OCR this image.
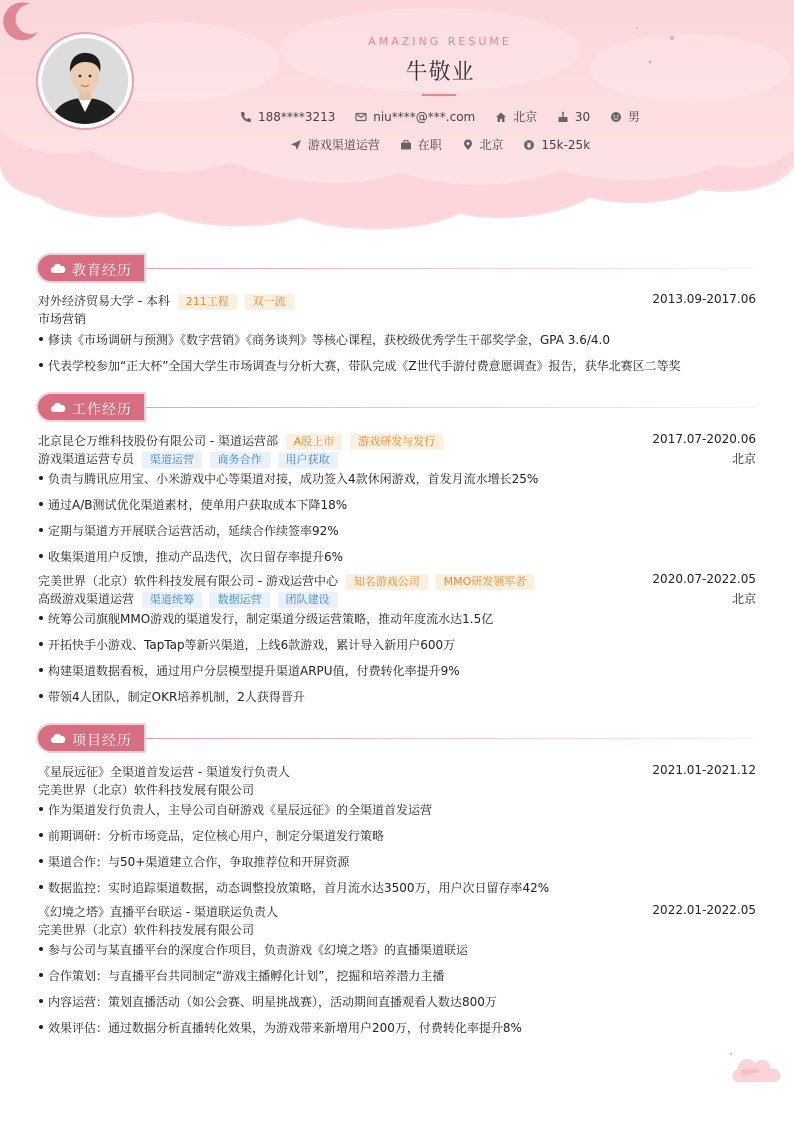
AMAZING RESUME
牛敬业
188****3213	niu****@***.com	北京	30	男
游戏渠道运营	在职	北京	15k-25k
教育经历
对外经济贸易大学 - 本科 211工程 双一流	2013.09-2017.06
市场营销
修读《市场调研与预测》《数字营销》《商务谈判》等核心课程，获校级优秀学生干部奖学金，GPA 3.6/4.0
代表学校参加“正大杯”全国大学生市场调查与分析大赛，带队完成《Z世代手游付费意愿调查》报告，获华北赛区二等奖
工作经历
北京昆仑万维科技股份有限公司 - 渠道运营部 A股上市 游戏研发与发行	2017.07-2020.06
游戏渠道运营专员 渠道运营 商务合作 用户获取	北京
负责与腾讯应用宝、小米游戏中心等渠道对接，成功签入4款休闲游戏，首发月流水增长25%
通过A/B测试优化渠道素材，使单用户获取成本下降18%
定期与渠道方开展联合运营活动，延续合作续签率92%
收集渠道用户反馈，推动产品迭代，次日留存率提升6%
完美世界（北京）软件科技发展有限公司 - 游戏运营中心 知名游戏公司 MMO研发领军者	2020.07-2022.05
高级游戏渠道运营 渠道统筹 数据运营 团队建设	北京
统筹公司旗舰MMO游戏的渠道发行，制定渠道分级运营策略，推动年度流水达1.5亿
开拓快手小游戏、TapTap等新兴渠道，上线6款游戏，累计导入新用户600万
构建渠道数据看板，通过用户分层模型提升渠道ARPU值，付费转化率提升9%
带领4人团队，制定OKR培养机制，2人获得晋升
项目经历
《星辰远征》全渠道首发运营 - 渠道发行负责人	2021.01-2021.12
完美世界（北京）软件科技发展有限公司
作为渠道发行负责人，主导公司自研游戏《星辰远征》的全渠道首发运营
前期调研：分析市场竞品，定位核心用户，制定分渠道发行策略
渠道合作：与50+渠道建立合作，争取推荐位和开屏资源
数据监控：实时追踪渠道数据，动态调整投放策略，首月流水达3500万，用户次日留存率42%
《幻境之塔》直播平台联运 - 渠道联运负责人	2022.01-2022.05
完美世界（北京）软件科技发展有限公司
参与公司与某直播平台的深度合作项目，负责游戏《幻境之塔》的直播渠道联运
合作策划：与直播平台共同制定“游戏主播孵化计划”，挖掘和培养潜力主播
内容运营：策划直播活动（如公会赛、明星挑战赛），活动期间直播观看人数达800万
效果评估：通过数据分析直播转化效果，为游戏带来新增用户200万，付费转化率提升8%
